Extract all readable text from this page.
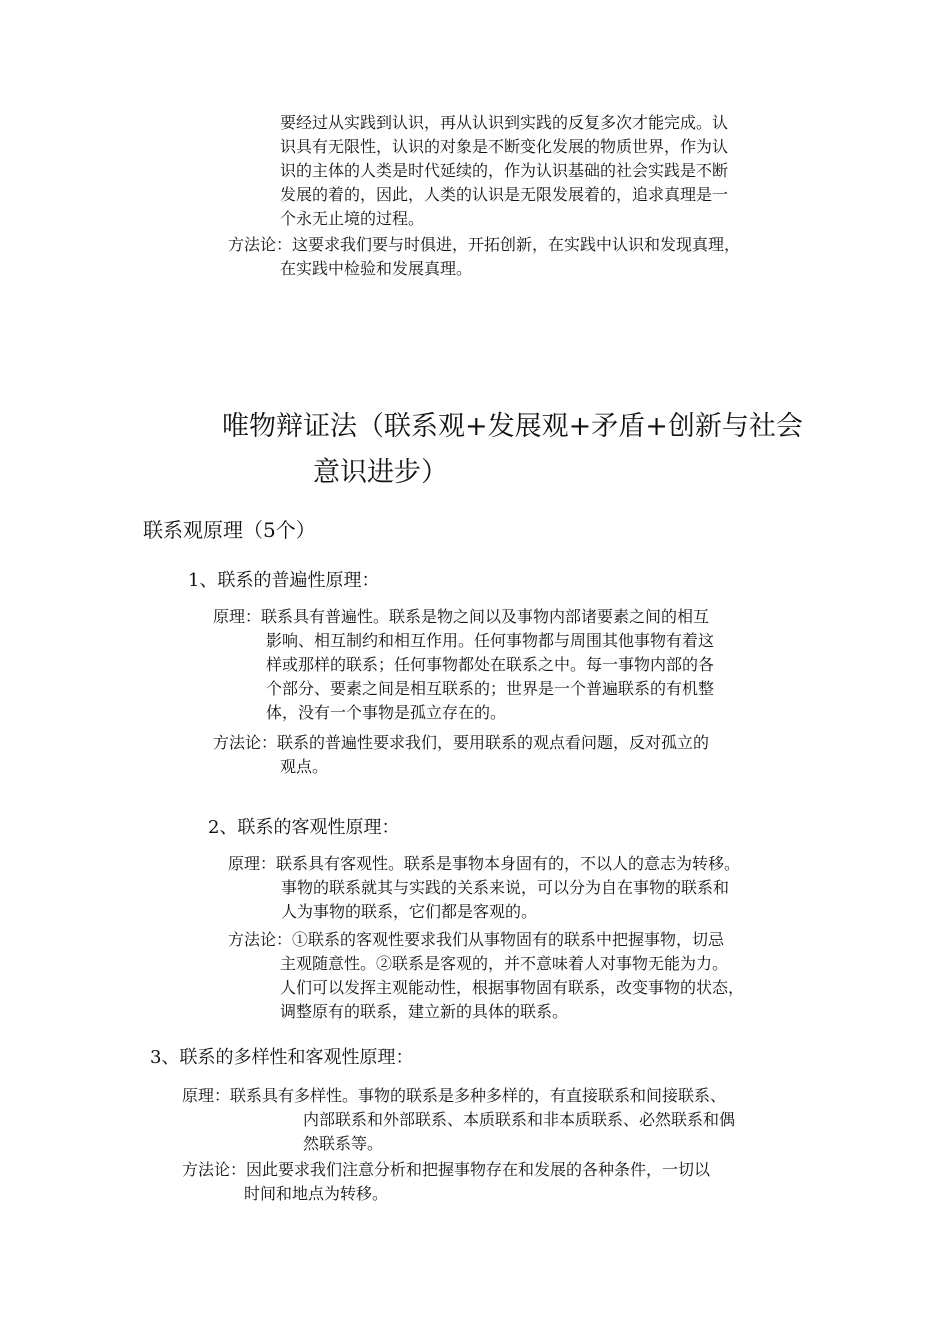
要经过从实践到认识，再从认识到实践的反复多次才能完成。认
识具有无限性，认识的对象是不断变化发展的物质世界，作为认
识的主体的人类是时代延续的，作为认识基础的社会实践是不断
发展的着的，因此，人类的认识是无限发展着的，追求真理是一
个永无止境的过程。
方法论：这要求我们要与时俱进，开拓创新，在实践中认识和发现真理，
在实践中检验和发展真理。
唯物辩证法（联系观+发展观+矛盾+创新与社会
意识进步）
联系观原理（5个）
1、联系的普遍性原理：
原理：联系具有普遍性。联系是物之间以及事物内部诸要素之间的相互
影响、相互制约和相互作用。任何事物都与周围其他事物有着这
样或那样的联系；任何事物都处在联系之中。每一事物内部的各
个部分、要素之间是相互联系的；世界是一个普遍联系的有机整
体，没有一个事物是孤立存在的。
方法论：联系的普遍性要求我们，要用联系的观点看问题，反对孤立的
观点。
2、联系的客观性原理：
原理：联系具有客观性。联系是事物本身固有的，不以人的意志为转移。
事物的联系就其与实践的关系来说，可以分为自在事物的联系和
人为事物的联系，它们都是客观的。
方法论：①联系的客观性要求我们从事物固有的联系中把握事物，切忌
主观随意性。②联系是客观的，并不意味着人对事物无能为力。
人们可以发挥主观能动性，根据事物固有联系，改变事物的状态，
调整原有的联系，建立新的具体的联系。
3、联系的多样性和客观性原理：
原理：联系具有多样性。事物的联系是多种多样的，有直接联系和间接联系、
内部联系和外部联系、本质联系和非本质联系、必然联系和偶
然联系等。
方法论：因此要求我们注意分析和把握事物存在和发展的各种条件，一切以
时间和地点为转移。
